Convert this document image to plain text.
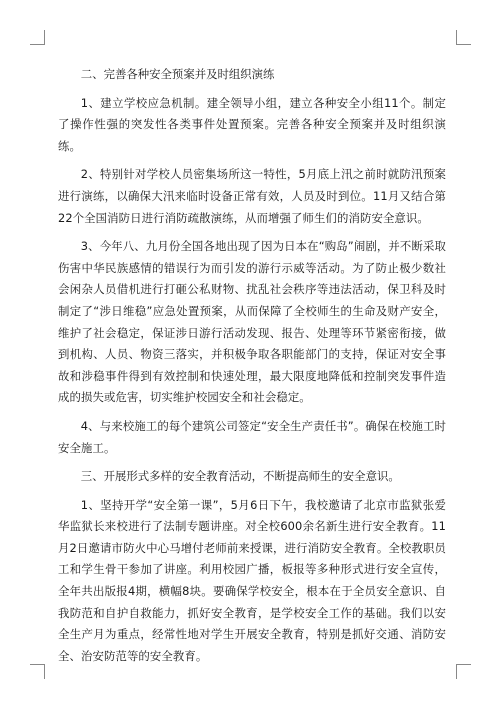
二、完善各种安全预案并及时组织演练

1、建立学校应急机制。建全领导小组，建立各种安全小组11个。制定了操作性强的突发性各类事件处置预案。完善各种安全预案并及时组织演练。

2、特别针对学校人员密集场所这一特性，5月底上汛之前时就防汛预案进行演练，以确保大汛来临时设备正常有效，人员及时到位。11月又结合第22个全国消防日进行消防疏散演练，从而增强了师生们的消防安全意识。

3、今年八、九月份全国各地出现了因为日本在“购岛”闹剧，并不断采取伤害中华民族感情的错误行为而引发的游行示威等活动。为了防止极少数社会闲杂人员借机进行打砸公私财物、扰乱社会秩序等违法活动，保卫科及时制定了“涉日维稳”应急处置预案，从而保障了全校师生的生命及财产安全，维护了社会稳定，保证涉日游行活动发现、报告、处理等环节紧密衔接，做到机构、人员、物资三落实，并积极争取各职能部门的支持，保证对安全事故和涉稳事件得到有效控制和快速处理，最大限度地降低和控制突发事件造成的损失或危害，切实维护校园安全和社会稳定。

4、与来校施工的每个建筑公司签定“安全生产责任书”。确保在校施工时安全施工。

三、开展形式多样的安全教育活动，不断提高师生的安全意识。

1、坚持开学“安全第一课”，5月6日下午，我校邀请了北京市监狱张爱华监狱长来校进行了法制专题讲座。对全校600余名新生进行安全教育。11月2日邀请市防火中心马增付老师前来授课，进行消防安全教育。全校教职员工和学生骨干参加了讲座。利用校园广播，板报等多种形式进行安全宣传，全年共出版报4期，横幅8块。要确保学校安全，根本在于全员安全意识、自我防范和自护自救能力，抓好安全教育，是学校安全工作的基础。我们以安全生产月为重点，经常性地对学生开展安全教育，特别是抓好交通、消防安全、治安防范等的安全教育。
